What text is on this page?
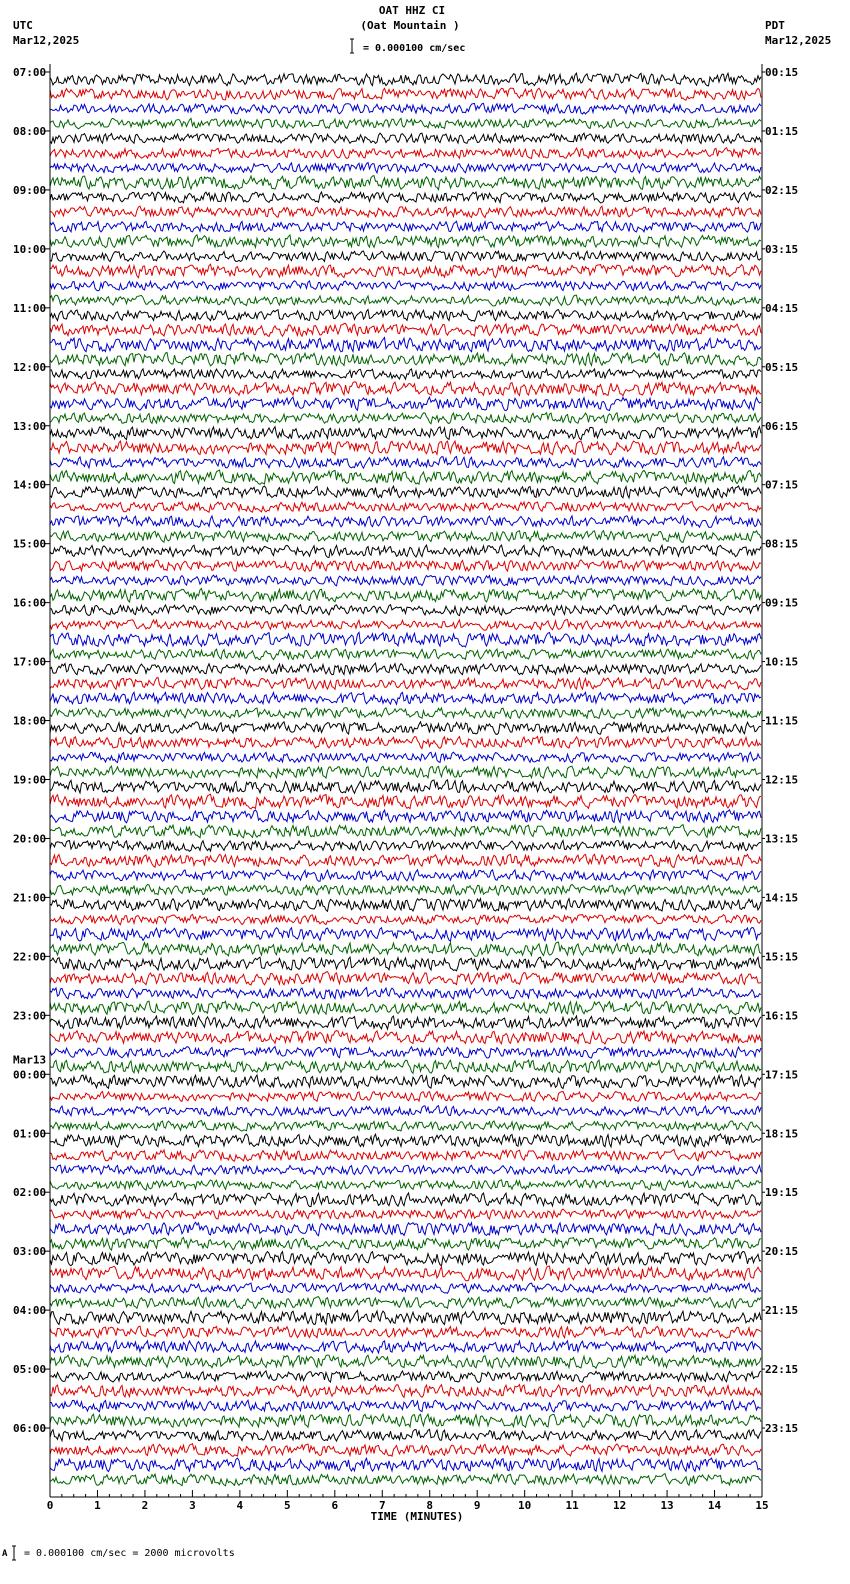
OAT HHZ CI
(Oat Mountain )
UTC
Mar12,2025
PDT
Mar12,2025
= 0.000100 cm/sec
A = 0.000100 cm/sec = 2000 microvolts
07:00	00:15
08:00	01:15
09:00	02:15
10:00	03:15
11:00	04:15
12:00	05:15
13:00	06:15
14:00	07:15
15:00	08:15
16:00	09:15
17:00	10:15
18:00	11:15
19:00	12:15
20:00	13:15
21:00	14:15
22:00	15:15
23:00	16:15
00:00	17:15
Mar13
01:00	18:15
02:00	19:15
03:00	20:15
04:00	21:15
05:00	22:15
06:00	23:15
0	1	2	3	4	5	6	7	8	9	10	11	12	13	14	15
TIME (MINUTES)
